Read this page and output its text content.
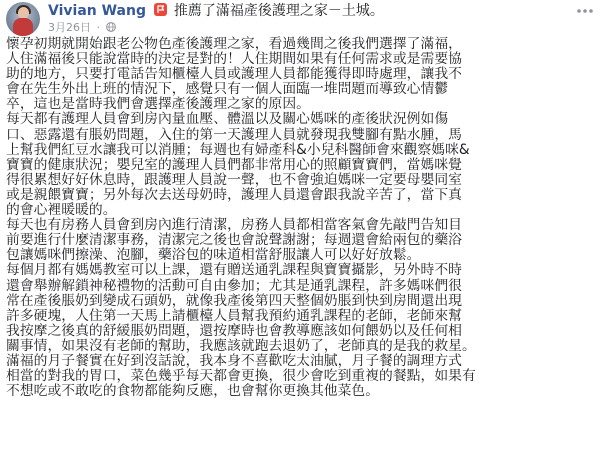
Vivian Wang 推薦了滿福產後護理之家－土城。
3月26日 ·
懷孕初期就開始跟老公物色產後護理之家，看過幾間之後我們選擇了滿福，
人住滿福後只能說當時的決定是對的！人住期間如果有任何需求或是需要協
助的地方，只要打電話告知櫃檯人員或護理人員都能獲得即時處理，讓我不
會在先生外出上班的情況下，感覺只有一個人面臨一堆問題而導致心情鬱
卒，這也是當時我們會選擇產後護理之家的原因。
每天都有護理人員會到房內量血壓、體溫以及關心媽咪的產後狀況例如傷
口、惡露還有脹奶問題，入住的第一天護理人員就發現我雙腳有點水腫，馬
上幫我們紅豆水讓我可以消腫；每週也有婦產科&小兒科醫師會來觀察媽咪&
寶寶的健康狀況；嬰兒室的護理人員們都非常用心的照顧寶寶們，當媽咪覺
得很累想好好休息時，跟護理人員說一聲，也不會強迫媽咪一定要母嬰同室
或是親餵寶寶；另外每次去送母奶時，護理人員還會跟我說辛苦了，當下真
的會心裡暖暖的。
每天也有房務人員會到房內進行清潔，房務人員都相當客氣會先敲門告知目
前要進行什麼清潔事務，清潔完之後也會說聲謝謝；每週還會給兩包的藥浴
包讓媽咪們擦澡、泡腳，藥浴包的味道相當舒服讓人可以好好放鬆。
每個月都有媽媽教室可以上課，還有贈送通乳課程與寶寶攝影，另外時不時
還會舉辦解鎖神秘禮物的活動可自由參加；尤其是通乳課程，許多媽咪們很
常在產後脹奶到變成石頭奶，就像我產後第四天整個奶脹到快到房間還出現
許多硬塊，人住第一天馬上請櫃檯人員幫我預約通乳課程的老師，老師來幫
我按摩之後真的舒緩脹奶問題，還按摩時也會教導應該如何餵奶以及任何相
關事情，如果沒有老師的幫助，我應該就跑去退奶了，老師真的是我的救星。
滿福的月子餐實在好到沒話說，我本身不喜歡吃太油膩，月子餐的調理方式
相當的對我的胃口，菜色幾乎每天都會更換，很少會吃到重複的餐點，如果有
不想吃或不敢吃的食物都能夠反應，也會幫你更換其他菜色。
